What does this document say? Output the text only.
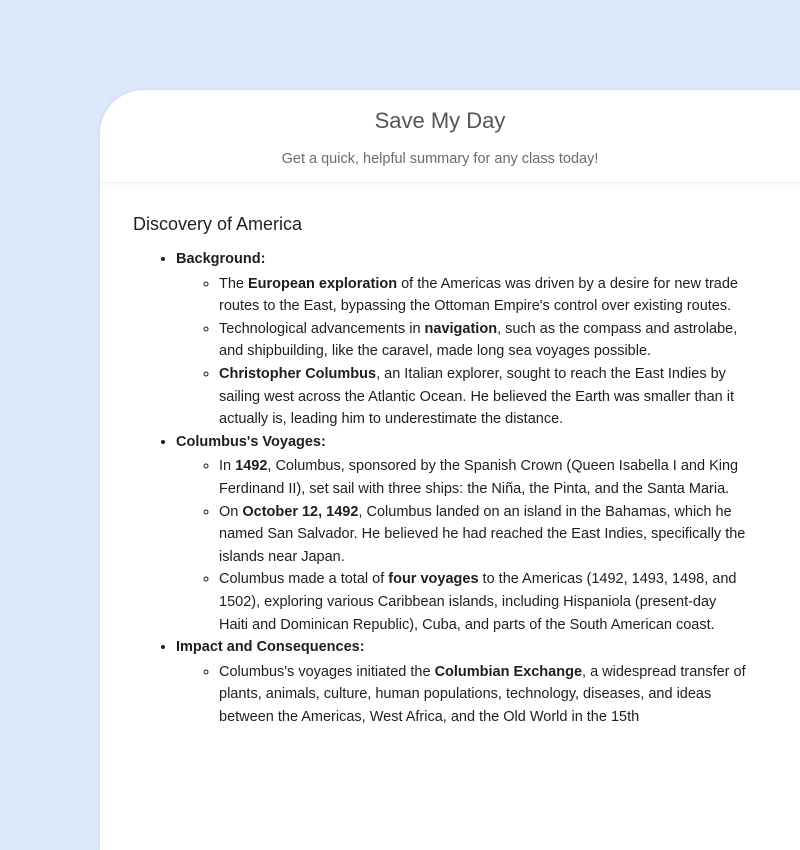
Save My Day
Get a quick, helpful summary for any class today!
Discovery of America
• Background:
◦ The European exploration of the Americas was driven by a desire for new trade routes to the East, bypassing the Ottoman Empire's control over existing routes.
◦ Technological advancements in navigation, such as the compass and astrolabe, and shipbuilding, like the caravel, made long sea voyages possible.
◦ Christopher Columbus, an Italian explorer, sought to reach the East Indies by sailing west across the Atlantic Ocean. He believed the Earth was smaller than it actually is, leading him to underestimate the distance.
• Columbus's Voyages:
◦ In 1492, Columbus, sponsored by the Spanish Crown (Queen Isabella I and King Ferdinand II), set sail with three ships: the Niña, the Pinta, and the Santa Maria.
◦ On October 12, 1492, Columbus landed on an island in the Bahamas, which he named San Salvador. He believed he had reached the East Indies, specifically the islands near Japan.
◦ Columbus made a total of four voyages to the Americas (1492, 1493, 1498, and 1502), exploring various Caribbean islands, including Hispaniola (present-day Haiti and Dominican Republic), Cuba, and parts of the South American coast.
• Impact and Consequences:
◦ Columbus's voyages initiated the Columbian Exchange, a widespread transfer of plants, animals, culture, human populations, technology, diseases, and ideas between the Americas, West Africa, and the Old World in the 15th
